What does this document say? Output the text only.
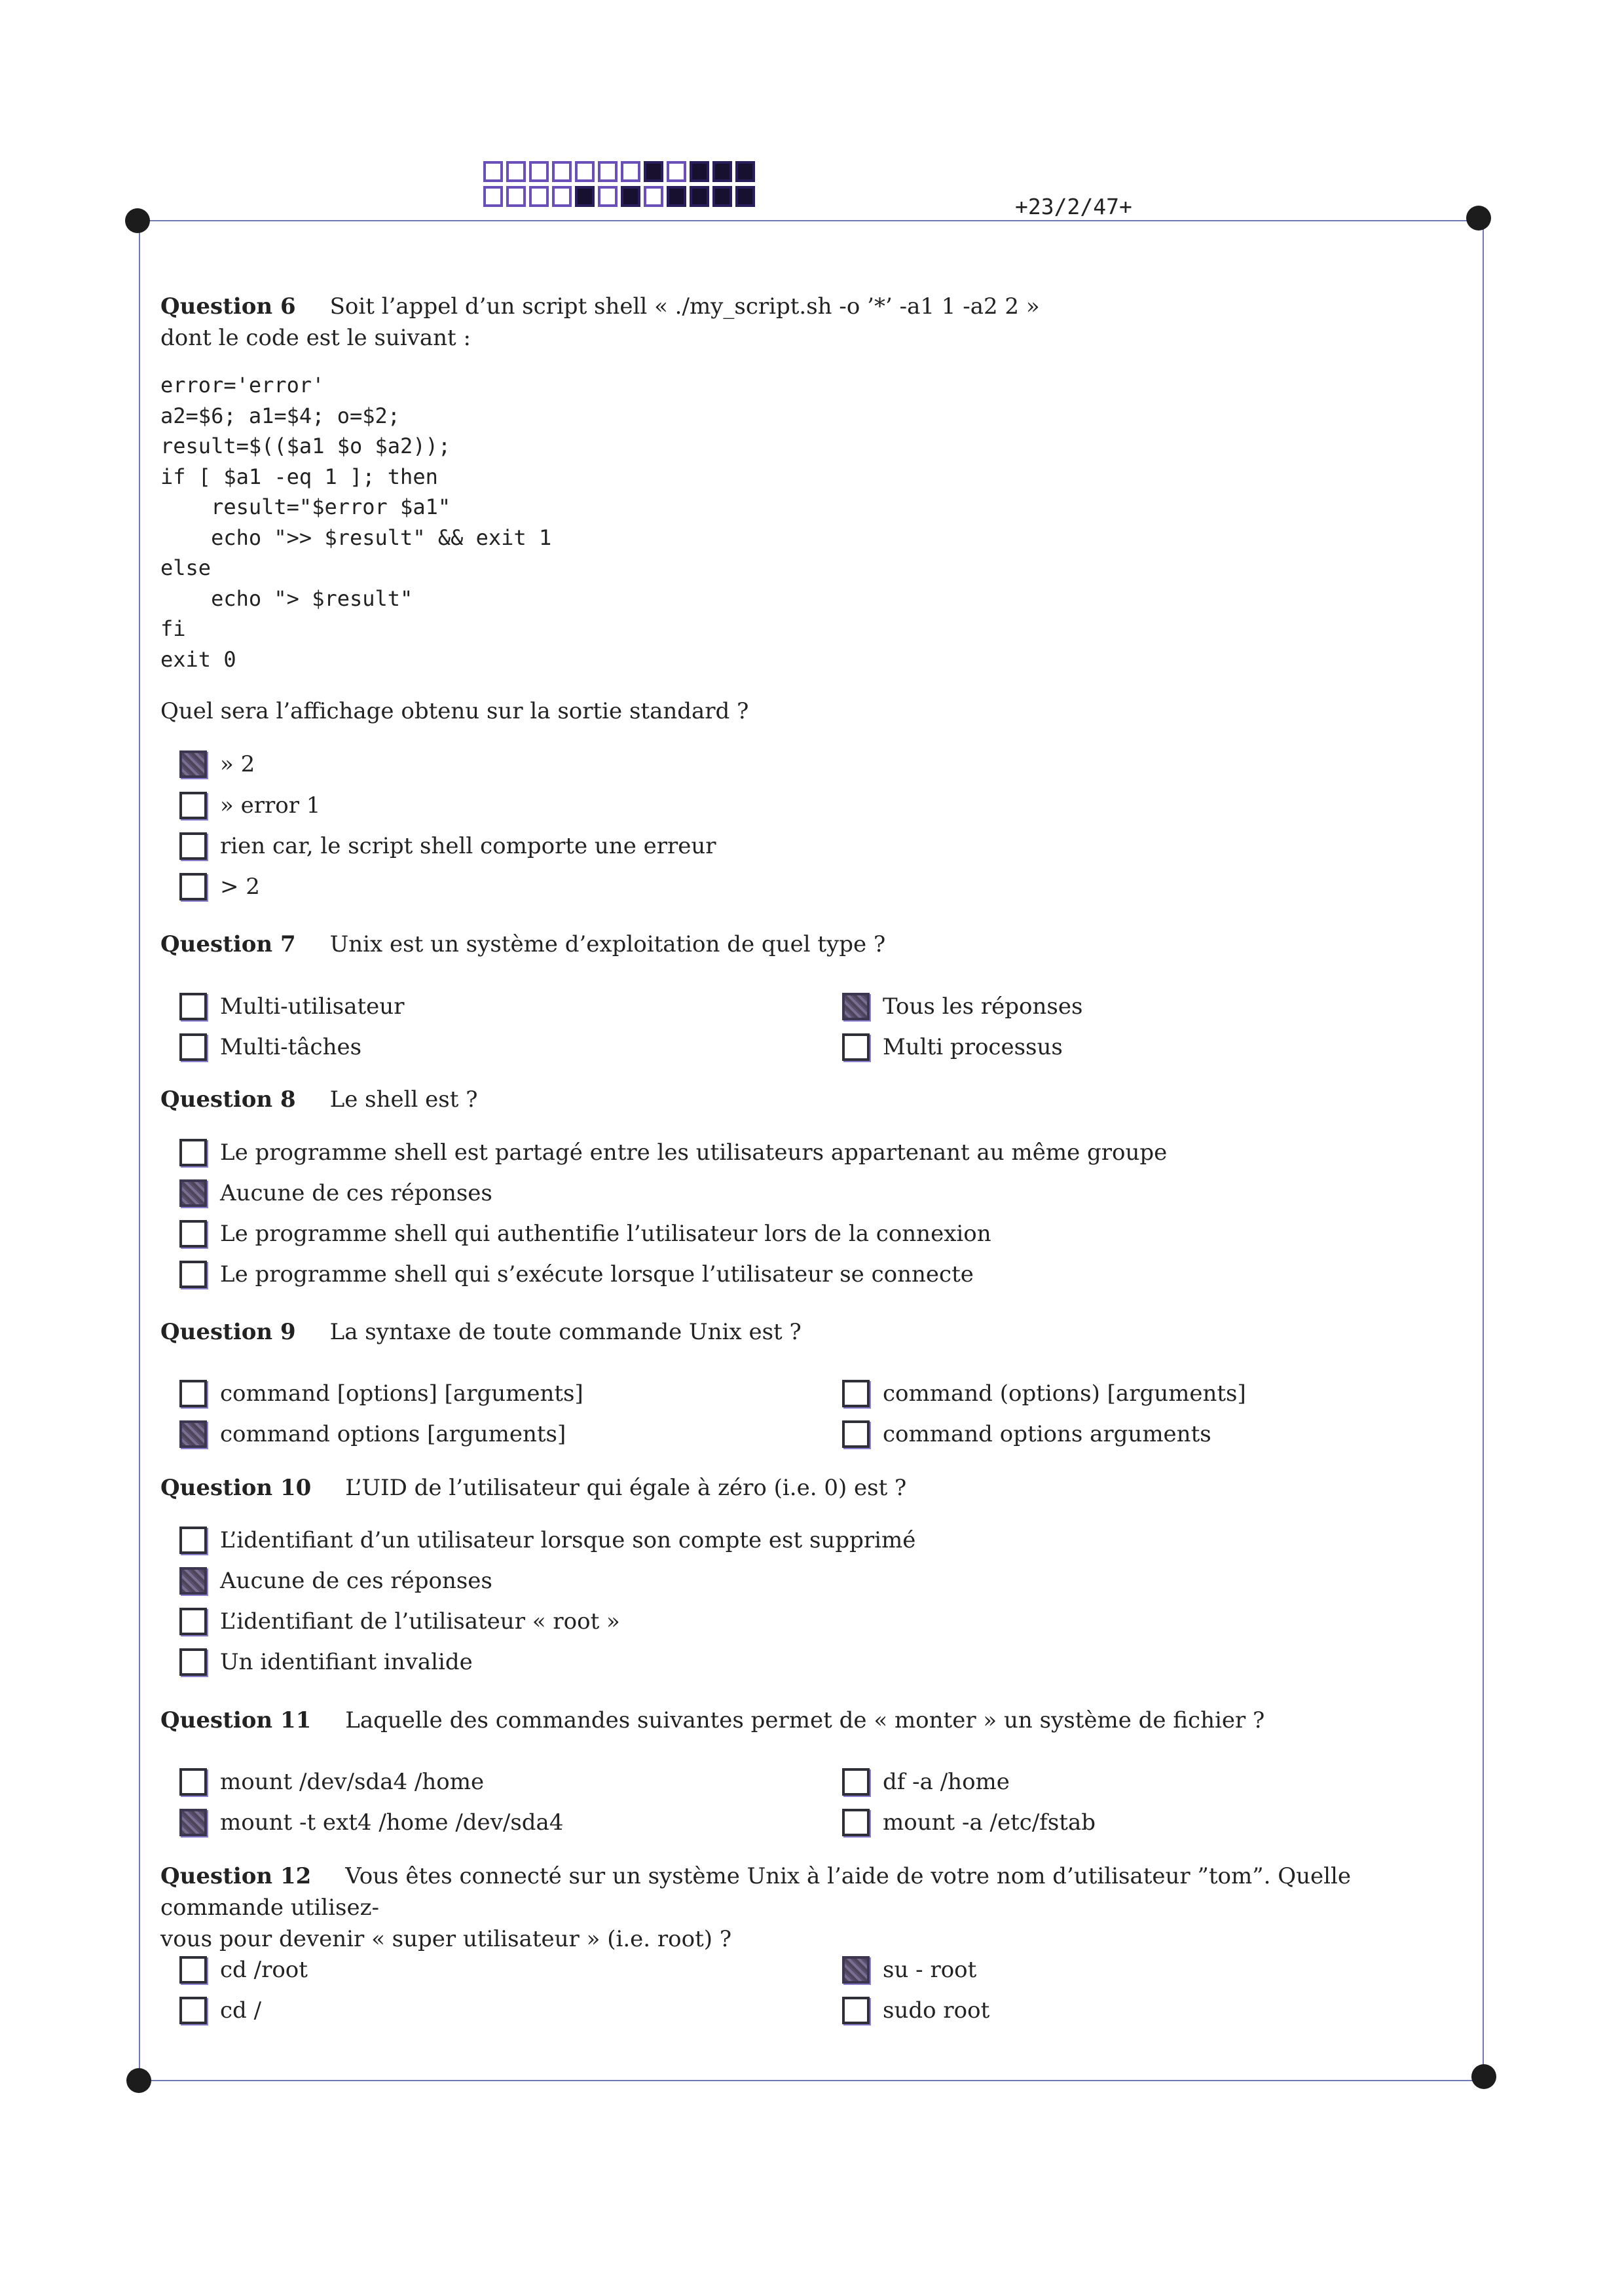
+23/2/47+
Question 6 Soit l’appel d’un script shell « ./my_script.sh -o ’*’ -a1 1 -a2 2 »
dont le code est le suivant :
error='error'
a2=$6; a1=$4; o=$2;
result=$(($a1 $o $a2));
if [ $a1 -eq 1 ]; then
result="$error $a1"
echo ">> $result" && exit 1
else
echo "> $result"
fi
exit 0
Quel sera l’affichage obtenu sur la sortie standard ?
» 2
» error 1
rien car, le script shell comporte une erreur
> 2
Question 7 Unix est un système d’exploitation de quel type ?
Multi-utilisateur
Multi-tâches
Tous les réponses
Multi processus
Question 8 Le shell est ?
Le programme shell est partagé entre les utilisateurs appartenant au même groupe
Aucune de ces réponses
Le programme shell qui authentifie l’utilisateur lors de la connexion
Le programme shell qui s’exécute lorsque l’utilisateur se connecte
Question 9 La syntaxe de toute commande Unix est ?
command [options] [arguments]
command options [arguments]
command (options) [arguments]
command options arguments
Question 10 L’UID de l’utilisateur qui égale à zéro (i.e. 0) est ?
L’identifiant d’un utilisateur lorsque son compte est supprimé
Aucune de ces réponses
L’identifiant de l’utilisateur « root »
Un identifiant invalide
Question 11 Laquelle des commandes suivantes permet de « monter » un système de fichier ?
mount /dev/sda4 /home
mount -t ext4 /home /dev/sda4
df -a /home
mount -a /etc/fstab
Question 12 Vous êtes connecté sur un système Unix à l’aide de votre nom d’utilisateur ”tom”. Quelle commande utilisez-
vous pour devenir « super utilisateur » (i.e. root) ?
cd /root
cd /
su - root
sudo root
